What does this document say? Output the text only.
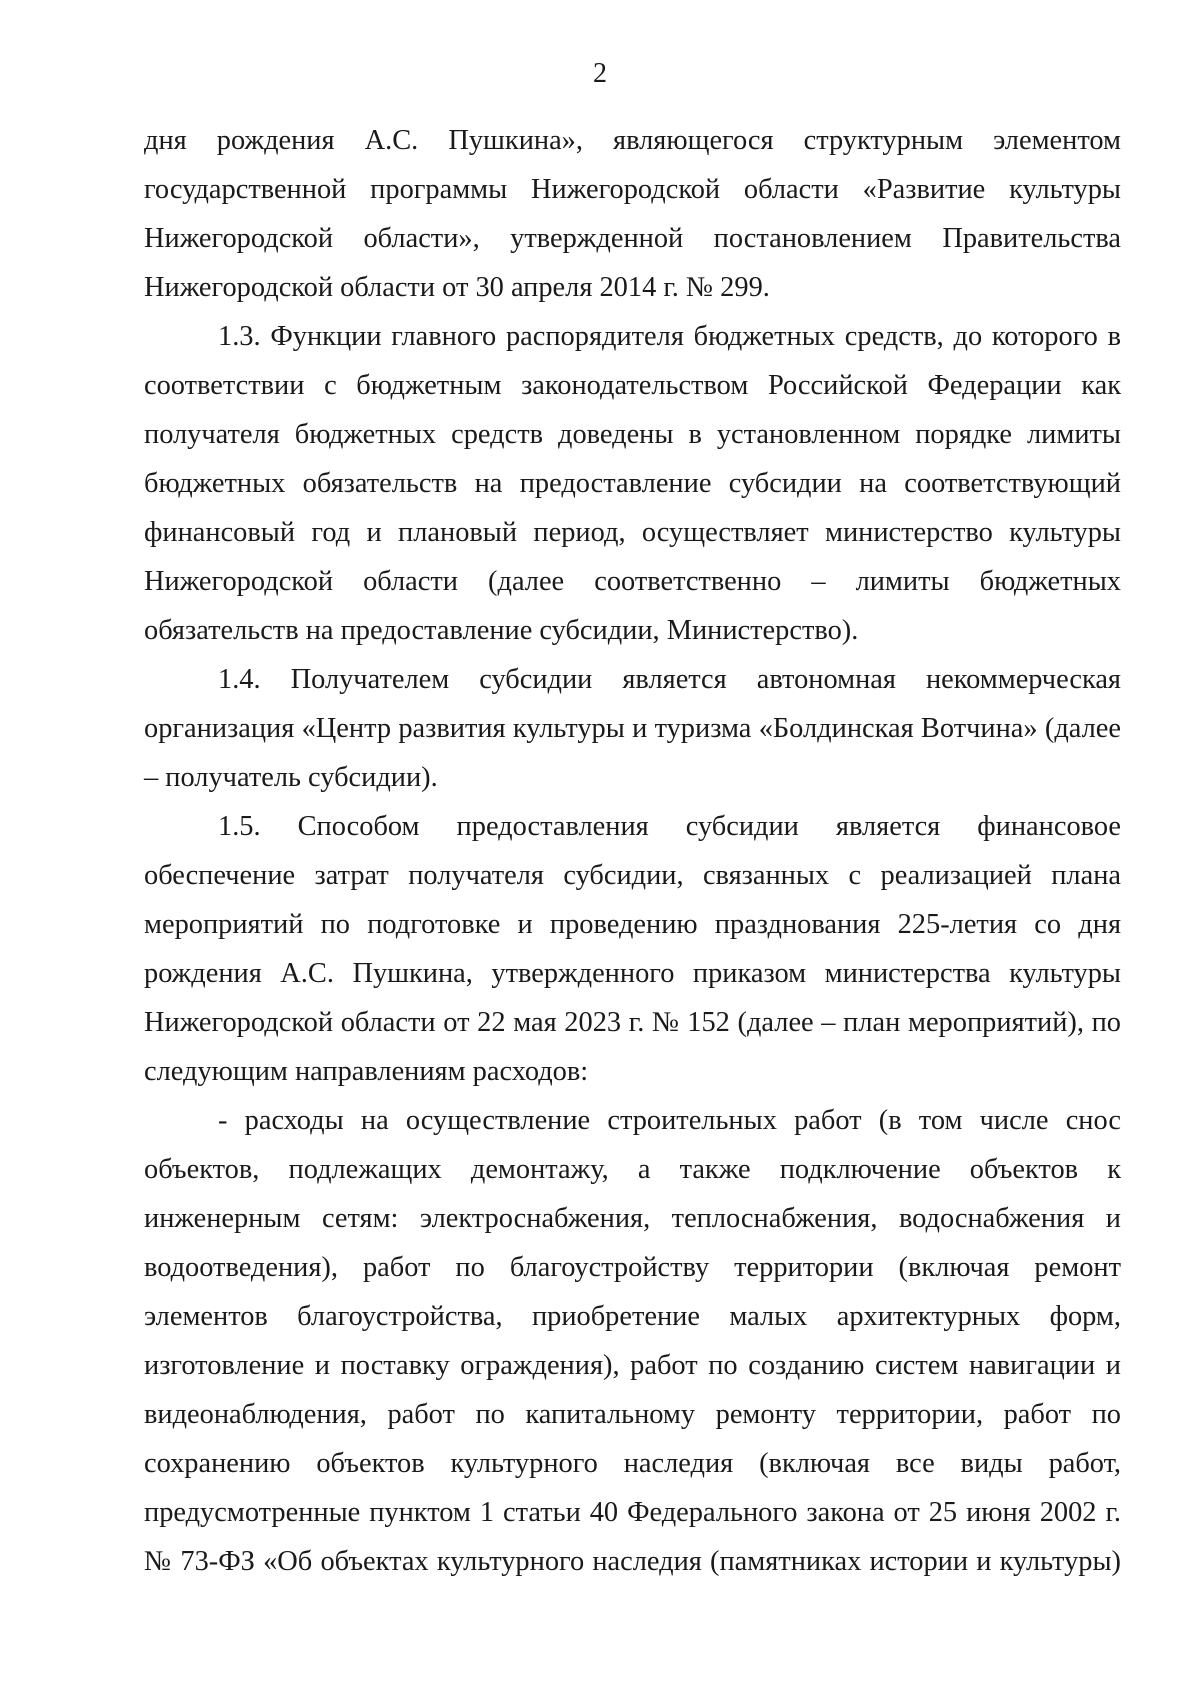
2

дня рождения А.С. Пушкина», являющегося структурным элементом государственной программы Нижегородской области «Развитие культуры Нижегородской области», утвержденной постановлением Правительства Нижегородской области от 30 апреля 2014 г. № 299.

1.3. Функции главного распорядителя бюджетных средств, до которого в соответствии с бюджетным законодательством Российской Федерации как получателя бюджетных средств доведены в установленном порядке лимиты бюджетных обязательств на предоставление субсидии на соответствующий финансовый год и плановый период, осуществляет министерство культуры Нижегородской области (далее соответственно – лимиты бюджетных обязательств на предоставление субсидии, Министерство).

1.4. Получателем субсидии является автономная некоммерческая организация «Центр развития культуры и туризма «Болдинская Вотчина» (далее – получатель субсидии).

1.5. Способом предоставления субсидии является финансовое обеспечение затрат получателя субсидии, связанных с реализацией плана мероприятий по подготовке и проведению празднования 225-летия со дня рождения А.С. Пушкина, утвержденного приказом министерства культуры Нижегородской области от 22 мая 2023 г. № 152 (далее – план мероприятий), по следующим направлениям расходов:

- расходы на осуществление строительных работ (в том числе снос объектов, подлежащих демонтажу, а также подключение объектов к инженерным сетям: электроснабжения, теплоснабжения, водоснабжения и водоотведения), работ по благоустройству территории (включая ремонт элементов благоустройства, приобретение малых архитектурных форм, изготовление и поставку ограждения), работ по созданию систем навигации и видеонаблюдения, работ по капитальному ремонту территории, работ по сохранению объектов культурного наследия (включая все виды работ, предусмотренные пунктом 1 статьи 40 Федерального закона от 25 июня 2002 г. № 73-ФЗ «Об объектах культурного наследия (памятниках истории и культуры)
